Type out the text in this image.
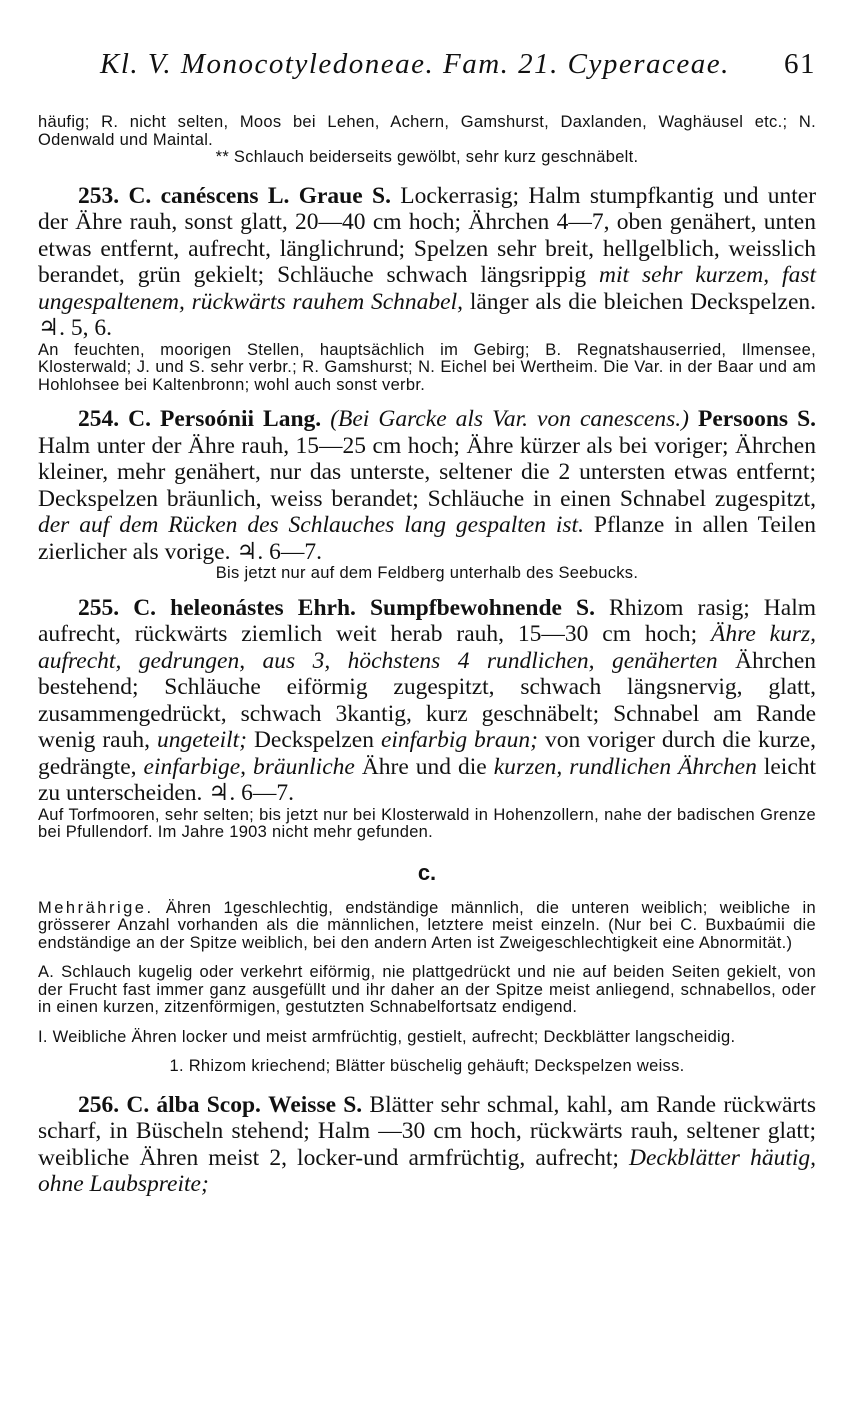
Kl. V. Monocotyledoneae. Fam. 21. Cyperaceae. 61

häufig; R. nicht selten, Moos bei Lehen, Achern, Gamshurst, Daxlanden, Waghäusel etc.; N. Odenwald und Maintal.

** Schlauch beiderseits gewölbt, sehr kurz geschnäbelt.

253. C. canéscens L. Graue S. Lockerrasig; Halm stumpfkantig und unter der Ähre rauh, sonst glatt, 20—40 cm hoch; Ährchen 4—7, oben genähert, unten etwas entfernt, aufrecht, länglichrund; Spelzen sehr breit, hellgelblich, weisslich berandet, grün gekielt; Schläuche schwach längsrippig mit sehr kurzem, fast ungespaltenem, rückwärts rauhem Schnabel, länger als die bleichen Deckspelzen. ♃. 5, 6.

An feuchten, moorigen Stellen, hauptsächlich im Gebirg; B. Regnatshauserried, Ilmensee, Klosterwald; J. und S. sehr verbr.; R. Gamshurst; N. Eichel bei Wertheim. Die Var. in der Baar und am Hohlohsee bei Kaltenbronn; wohl auch sonst verbr.

254. C. Persoónii Lang. (Bei Garcke als Var. von canescens.) Persoons S. Halm unter der Ähre rauh, 15—25 cm hoch; Ähre kürzer als bei voriger; Ährchen kleiner, mehr genähert, nur das unterste, seltener die 2 untersten etwas entfernt; Deckspelzen bräunlich, weiss berandet; Schläuche in einen Schnabel zugespitzt, der auf dem Rücken des Schlauches lang gespalten ist. Pflanze in allen Teilen zierlicher als vorige. ♃. 6—7.

Bis jetzt nur auf dem Feldberg unterhalb des Seebucks.

255. C. heleonástes Ehrh. Sumpfbewohnende S. Rhizom rasig; Halm aufrecht, rückwärts ziemlich weit herab rauh, 15—30 cm hoch; Ähre kurz, aufrecht, gedrungen, aus 3, höchstens 4 rundlichen, genäherten Ährchen bestehend; Schläuche eiförmig zugespitzt, schwach längsnervig, glatt, zusammengedrückt, schwach 3kantig, kurz geschnäbelt; Schnabel am Rande wenig rauh, ungeteilt; Deckspelzen einfarbig braun; von voriger durch die kurze, gedrängte, einfarbige, bräunliche Ähre und die kurzen, rundlichen Ährchen leicht zu unterscheiden. ♃. 6—7.

Auf Torfmooren, sehr selten; bis jetzt nur bei Klosterwald in Hohenzollern, nahe der badischen Grenze bei Pfullendorf. Im Jahre 1903 nicht mehr gefunden.

c.

Mehrährige. Ähren 1geschlechtig, endständige männlich, die unteren weiblich; weibliche in grösserer Anzahl vorhanden als die männlichen, letztere meist einzeln. (Nur bei C. Buxbaúmii die endständige an der Spitze weiblich, bei den andern Arten ist Zweigeschlechtigkeit eine Abnormität.)

A. Schlauch kugelig oder verkehrt eiförmig, nie plattgedrückt und nie auf beiden Seiten gekielt, von der Frucht fast immer ganz ausgefüllt und ihr daher an der Spitze meist anliegend, schnabellos, oder in einen kurzen, zitzenförmigen, gestutzten Schnabelfortsatz endigend.

I. Weibliche Ähren locker und meist armfrüchtig, gestielt, aufrecht; Deckblätter langscheidig.

1. Rhizom kriechend; Blätter büschelig gehäuft; Deckspelzen weiss.

256. C. álba Scop. Weisse S. Blätter sehr schmal, kahl, am Rande rückwärts scharf, in Büscheln stehend; Halm —30 cm hoch, rückwärts rauh, seltener glatt; weibliche Ähren meist 2, locker-und armfrüchtig, aufrecht; Deckblätter häutig, ohne Laubspreite;
